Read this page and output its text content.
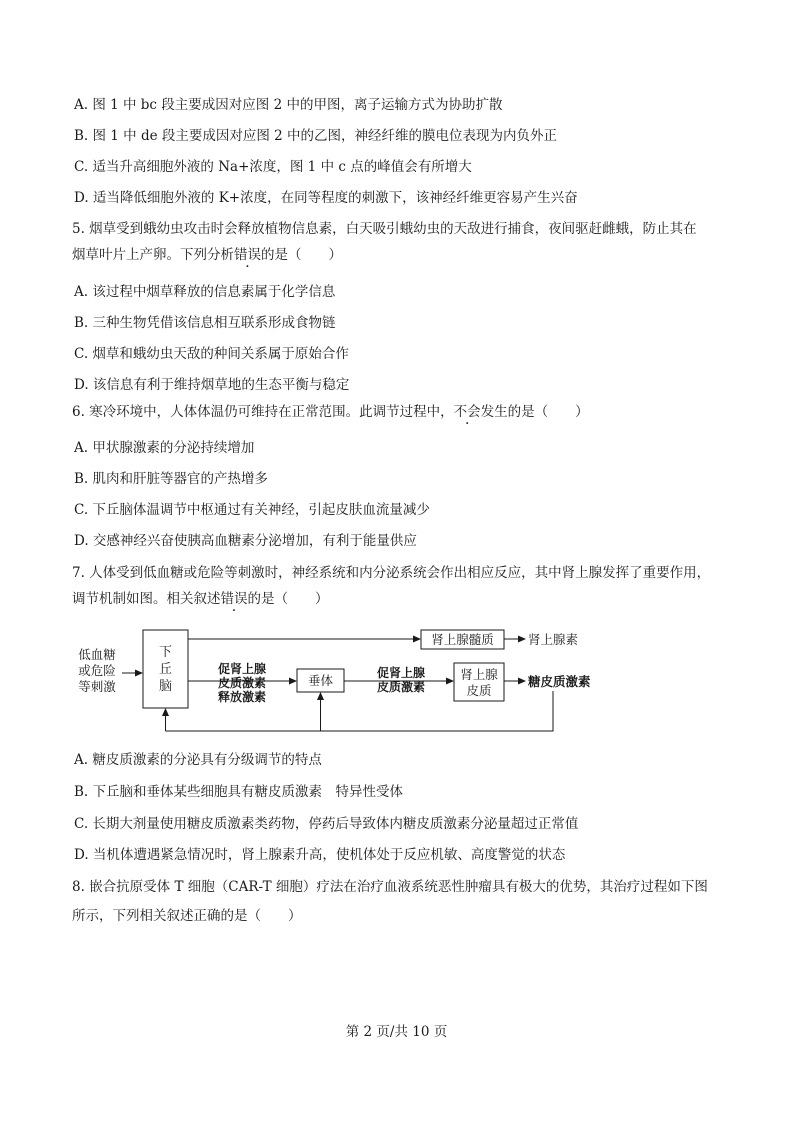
A. 图 1 中 bc 段主要成因对应图 2 中的甲图，离子运输方式为协助扩散
B. 图 1 中 de 段主要成因对应图 2 中的乙图，神经纤维的膜电位表现为内负外正
C. 适当升高细胞外液的 Na+浓度，图 1 中 c 点的峰值会有所增大
D. 适当降低细胞外液的 K+浓度，在同等程度的刺激下，该神经纤维更容易产生兴奋
5. 烟草受到蛾幼虫攻击时会释放植物信息素，白天吸引蛾幼虫的天敌进行捕食，夜间驱赶雌蛾，防止其在
烟草叶片上产卵。下列分析错误的是（　　）
A. 该过程中烟草释放的信息素属于化学信息
B. 三种生物凭借该信息相互联系形成食物链
C. 烟草和蛾幼虫天敌的种间关系属于原始合作
D. 该信息有利于维持烟草地的生态平衡与稳定
6. 寒冷环境中，人体体温仍可维持在正常范围。此调节过程中，不会发生的是（　　）
A. 甲状腺激素的分泌持续增加
B. 肌肉和肝脏等器官的产热增多
C. 下丘脑体温调节中枢通过有关神经，引起皮肤血流量减少
D. 交感神经兴奋使胰高血糖素分泌增加，有利于能量供应
7. 人体受到低血糖或危险等刺激时，神经系统和内分泌系统会作出相应反应，其中肾上腺发挥了重要作用，
调节机制如图。相关叙述错误的是（　　）
低血糖
或危险
等刺激
下
丘
脑
肾上腺髓质	肾上腺素
促肾上腺
皮质激素
释放激素
垂体	促肾上腺
皮质激素
肾上腺
皮质
糖皮质激素
A. 糖皮质激素的分泌具有分级调节的特点
B. 下丘脑和垂体某些细胞具有糖皮质激素　特异性受体
C. 长期大剂量使用糖皮质激素类药物，停药后导致体内糖皮质激素分泌量超过正常值
D. 当机体遭遇紧急情况时，肾上腺素升高，使机体处于反应机敏、高度警觉的状态
8. 嵌合抗原受体 T 细胞（CAR-T 细胞）疗法在治疗血液系统恶性肿瘤具有极大的优势，其治疗过程如下图
所示，下列相关叙述正确的是（　　）
第 2 页/共 10 页
